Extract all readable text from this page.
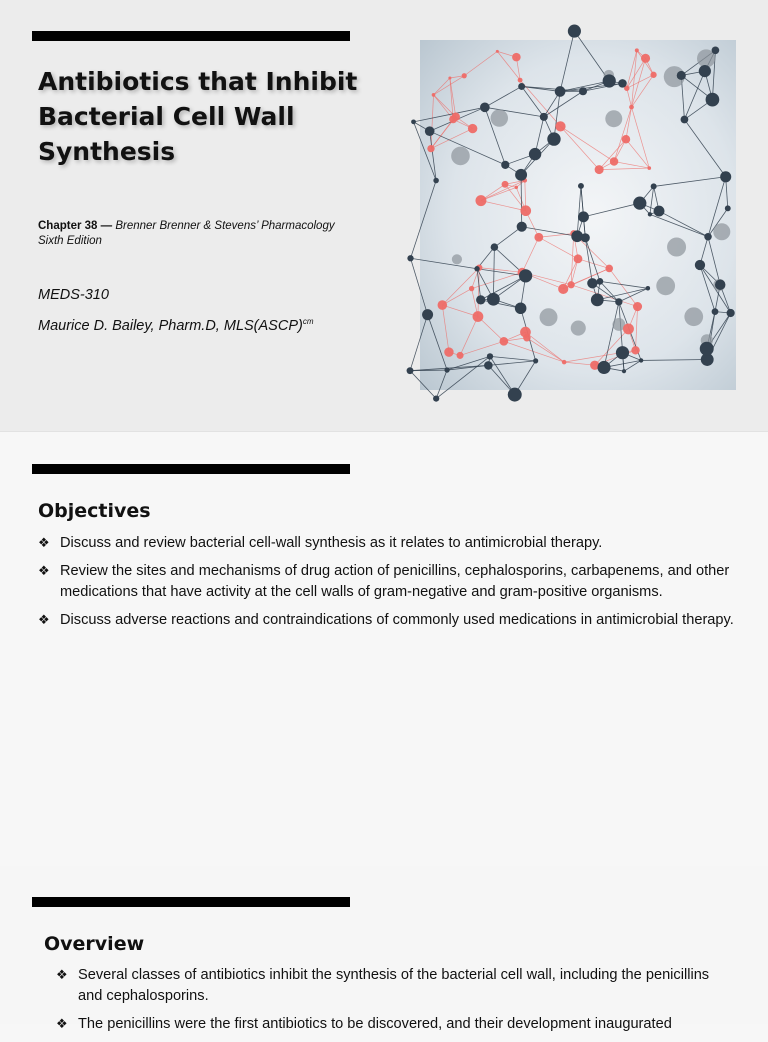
Antibiotics that Inhibit Bacterial Cell Wall Synthesis
Chapter 38 — Brenner Brenner & Stevens’ Pharmacology Sixth Edition
MEDS-310
Maurice D. Bailey, Pharm.D, MLS(ASCP)$^{cm}$
Objectives
❖ Discuss and review bacterial cell-wall synthesis as it relates to antimicrobial therapy.
❖ Review the sites and mechanisms of drug action of penicillins, cephalosporins, carbapenems, and other medications that have activity at the cell walls of gram-negative and gram-positive organisms.
❖ Discuss adverse reactions and contraindications of commonly used medications in antimicrobial therapy.
Overview
❖ Several classes of antibiotics inhibit the synthesis of the bacterial cell wall, including the penicillins and cephalosporins.
❖ The penicillins were the first antibiotics to be discovered, and their development inaugurated
